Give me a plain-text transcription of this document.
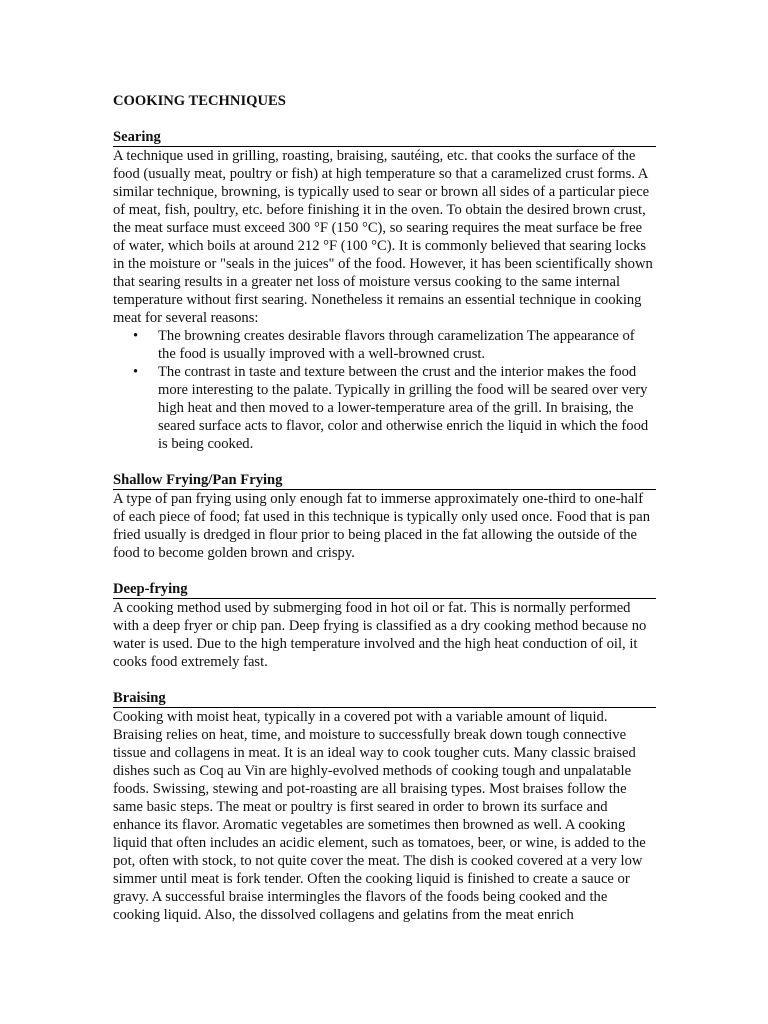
COOKING TECHNIQUES
Searing

A technique used in grilling, roasting, braising, sautéing, etc. that cooks the surface of the food (usually meat, poultry or fish) at high temperature so that a caramelized crust forms. A similar technique, browning, is typically used to sear or brown all sides of a particular piece of meat, fish, poultry, etc. before finishing it in the oven. To obtain the desired brown crust, the meat surface must exceed 300 °F (150 °C), so searing requires the meat surface be free of water, which boils at around 212 °F (100 °C). It is commonly believed that searing locks in the moisture or "seals in the juices" of the food. However, it has been scientifically shown that searing results in a greater net loss of moisture versus cooking to the same internal temperature without first searing. Nonetheless it remains an essential technique in cooking meat for several reasons:

• The browning creates desirable flavors through caramelization The appearance of the food is usually improved with a well-browned crust.
• The contrast in taste and texture between the crust and the interior makes the food more interesting to the palate. Typically in grilling the food will be seared over very high heat and then moved to a lower-temperature area of the grill. In braising, the seared surface acts to flavor, color and otherwise enrich the liquid in which the food is being cooked.
Shallow Frying/Pan Frying

A type of pan frying using only enough fat to immerse approximately one-third to one-half of each piece of food; fat used in this technique is typically only used once. Food that is pan fried usually is dredged in flour prior to being placed in the fat allowing the outside of the food to become golden brown and crispy.

Deep-frying

A cooking method used by submerging food in hot oil or fat. This is normally performed with a deep fryer or chip pan. Deep frying is classified as a dry cooking method because no water is used. Due to the high temperature involved and the high heat conduction of oil, it cooks food extremely fast.

Braising

Cooking with moist heat, typically in a covered pot with a variable amount of liquid. Braising relies on heat, time, and moisture to successfully break down tough connective tissue and collagens in meat. It is an ideal way to cook tougher cuts. Many classic braised dishes such as Coq au Vin are highly-evolved methods of cooking tough and unpalatable foods. Swissing, stewing and pot-roasting are all braising types. Most braises follow the same basic steps. The meat or poultry is first seared in order to brown its surface and enhance its flavor. Aromatic vegetables are sometimes then browned as well. A cooking liquid that often includes an acidic element, such as tomatoes, beer, or wine, is added to the pot, often with stock, to not quite cover the meat. The dish is cooked covered at a very low simmer until meat is fork tender. Often the cooking liquid is finished to create a sauce or gravy. A successful braise intermingles the flavors of the foods being cooked and the cooking liquid. Also, the dissolved collagens and gelatins from the meat enrich
